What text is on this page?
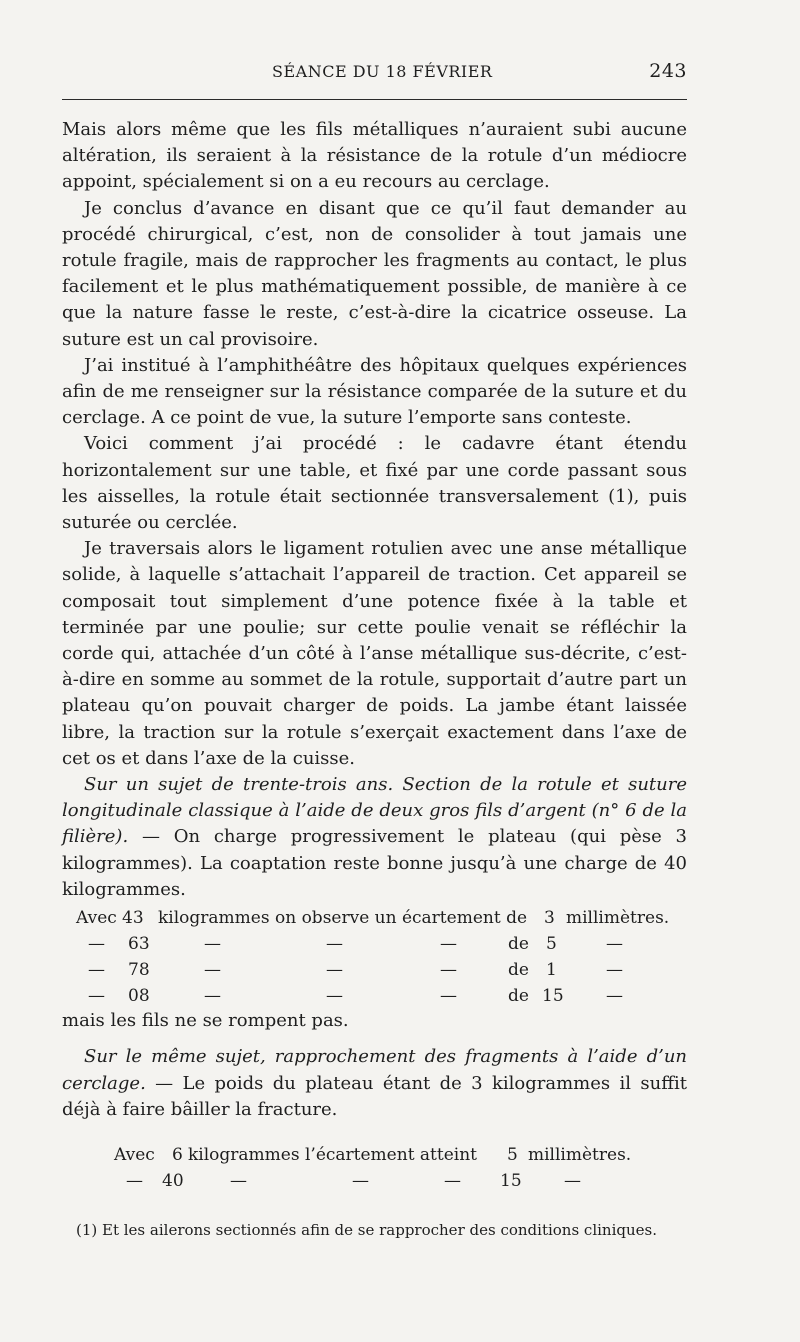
SÉANCE DU 18 FÉVRIER	243

Mais alors même que les fils métalliques n’auraient subi aucune altération, ils seraient à la résistance de la rotule d’un médiocre appoint, spécialement si on a eu recours au cerclage.

Je conclus d’avance en disant que ce qu’il faut demander au procédé chirurgical, c’est, non de consolider à tout jamais une rotule fragile, mais de rapprocher les fragments au contact, le plus facilement et le plus mathématiquement possible, de manière à ce que la nature fasse le reste, c’est-à-dire la cicatrice osseuse. La suture est un cal provisoire.

J’ai institué à l’amphithéâtre des hôpitaux quelques expériences afin de me renseigner sur la résistance comparée de la suture et du cerclage. A ce point de vue, la suture l’emporte sans conteste.

Voici comment j’ai procédé : le cadavre étant étendu horizontalement sur une table, et fixé par une corde passant sous les aisselles, la rotule était sectionnée transversalement (1), puis suturée ou cerclée.

Je traversais alors le ligament rotulien avec une anse métallique solide, à laquelle s’attachait l’appareil de traction. Cet appareil se composait tout simplement d’une potence fixée à la table et terminée par une poulie; sur cette poulie venait se réfléchir la corde qui, attachée d’un côté à l’anse métallique sus-décrite, c’est-à-dire en somme au sommet de la rotule, supportait d’autre part un plateau qu’on pouvait charger de poids. La jambe étant laissée libre, la traction sur la rotule s’exerçait exactement dans l’axe de cet os et dans l’axe de la cuisse.

Sur un sujet de trente-trois ans. Section de la rotule et suture longitudinale classique à l’aide de deux gros fils d’argent (n° 6 de la filière). — On charge progressivement le plateau (qui pèse 3 kilogrammes). La coaptation reste bonne jusqu’à une charge de 40 kilogrammes.

Avec 43 kilogrammes on observe un écartement de 3 millimètres.
— 63	—	—	—	de 5	—
— 78	—	—	—	de 1	—
— 08	—	—	—	de 15 —
mais les fils ne se rompent pas.

Sur le même sujet, rapprochement des fragments à l’aide d’un cerclage. — Le poids du plateau étant de 3 kilogrammes il suffit déjà à faire bâiller la fracture.

Avec 6 kilogrammes l’écartement atteint 5 millimètres.
— 40	—	—	— 15 —
(1) Et les ailerons sectionnés afin de se rapprocher des conditions cliniques.
